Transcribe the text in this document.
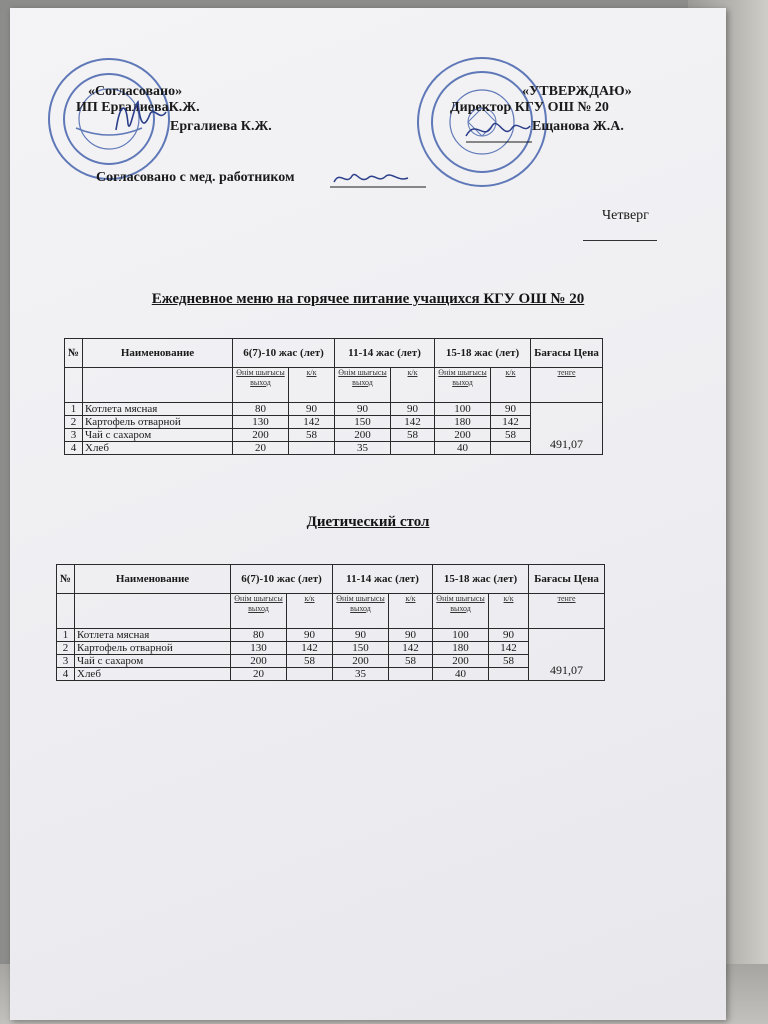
«Согласовано»
ИП ЕргалиеваК.Ж.
Ергалиева К.Ж.
«УТВЕРЖДАЮ»
Директор КГУ ОШ № 20
Ещанова Ж.А.
Согласовано с мед. работником
Четверг
Ежедневное меню на горячее питание учащихся КГУ ОШ № 20
№	Наименование	6(7)-10 жас (лет)		11-14 жас (лет)		15-18 жас (лет)		Бағасы Цена
		Өнім шығысы выход	к/к	Өнім шығысы выход	к/к	Өнім шығысы выход	к/к	тенге
1	Котлета мясная	80	90	90	90	100	90	491,07
2	Картофель отварной	130	142	150	142	180	142	
3	Чай с сахаром	200	58	200	58	200	58	
4	Хлеб	20		35		40		
Диетический стол
№	Наименование	6(7)-10 жас (лет)		11-14 жас (лет)		15-18 жас (лет)		Бағасы Цена
		Өнім шығысы выход	к/к	Өнім шығысы выход	к/к	Өнім шығысы выход	к/к	тенге
1	Котлета мясная	80	90	90	90	100	90	491,07
2	Картофель отварной	130	142	150	142	180	142	
3	Чай с сахаром	200	58	200	58	200	58	
4	Хлеб	20		35		40		
